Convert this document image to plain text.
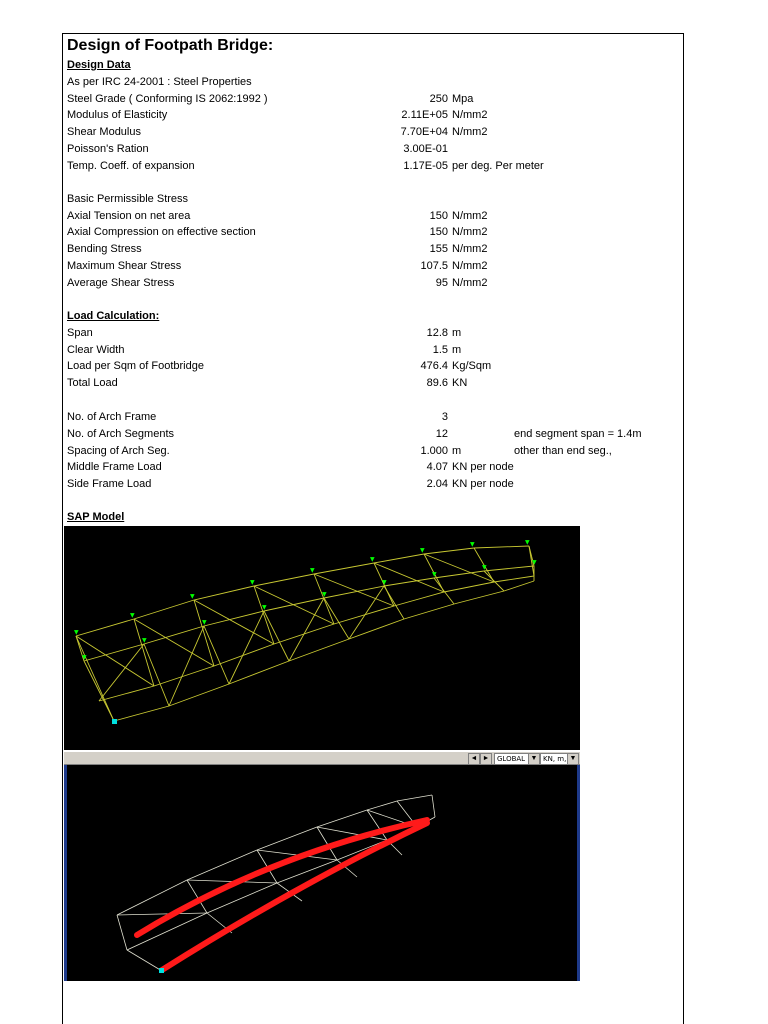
Design of Footpath Bridge:
Design Data
As per IRC 24-2001 : Steel Properties
Steel Grade ( Conforming IS 2062:1992 )	250 Mpa
Modulus of Elasticity	2.11E+05 N/mm2
Shear Modulus	7.70E+04 N/mm2
Poisson's Ration	3.00E-01
Temp. Coeff. of expansion	1.17E-05 per deg. Per meter
Basic Permissible Stress
Axial Tension on net area	150 N/mm2
Axial Compression on effective section	150 N/mm2
Bending Stress	155 N/mm2
Maximum Shear Stress	107.5 N/mm2
Average Shear Stress	95 N/mm2
Load Calculation:
Span	12.8 m
Clear Width	1.5 m
Load per Sqm of Footbridge	476.4 Kg/Sqm
Total Load	89.6 KN
No. of Arch Frame	3
No. of Arch Segments	12	end segment span = 1.4m
Spacing of Arch Seg.	1.000 m	other than end seg.,
Middle Frame Load	4.07 KN per node
Side Frame Load	2.04 KN per node
SAP Model
▼
▼
▼
▼
▼
▼
▼
▼	▼
▼
▼
▼
▼
▼
▼
▼
▼
▼
◄ ►	GLOBAL ▼ KN, m, ▼
